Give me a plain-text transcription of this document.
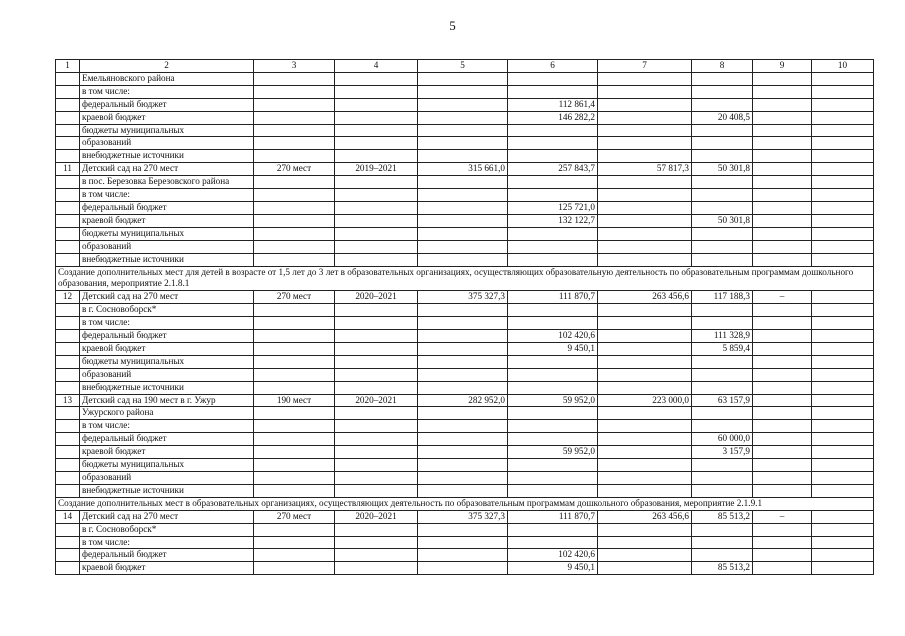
5
1	2	3	4	5	6	7	8	9	10
	Емельяновского района								
	в том числе:								
	федеральный бюджет				112 861,4				
	краевой бюджет				146 282,2		20 408,5		
	бюджеты муниципальных								
	образований								
	внебюджетные источники								
11	Детский сад на 270 мест	270 мест	2019–2021	315 661,0	257 843,7	57 817,3	50 301,8		
	в пос. Березовка Березовского района								
	в том числе:								
	федеральный бюджет				125 721,0				
	краевой бюджет				132 122,7		50 301,8		
	бюджеты муниципальных								
	образований								
	внебюджетные источники								
Создание дополнительных мест для детей в возрасте от 1,5 лет до 3 лет в образовательных организациях, осуществляющих образовательную деятельность по образовательным программам дошкольного образования, мероприятие 2.1.8.1									
12	Детский сад на 270 мест	270 мест	2020–2021	375 327,3	111 870,7	263 456,6	117 188,3	–	
	в г. Сосновоборск*								
	в том числе:								
	федеральный бюджет				102 420,6		111 328,9		
	краевой бюджет				9 450,1		5 859,4		
	бюджеты муниципальных								
	образований								
	внебюджетные источники								
13	Детский сад на 190 мест в г. Ужур	190 мест	2020–2021	282 952,0	59 952,0	223 000,0	63 157,9		
	Ужурского района								
	в том числе:								
	федеральный бюджет						60 000,0		
	краевой бюджет				59 952,0		3 157,9		
	бюджеты муниципальных								
	образований								
	внебюджетные источники								
Создание дополнительных мест в образовательных организациях, осуществляющих деятельность по образовательным программам дошкольного образования, мероприятие 2.1.9.1									
14	Детский сад на 270 мест	270 мест	2020–2021	375 327,3	111 870,7	263 456,6	85 513,2	–	
	в г. Сосновоборск*								
	в том числе:								
	федеральный бюджет				102 420,6				
	краевой бюджет				9 450,1		85 513,2		
